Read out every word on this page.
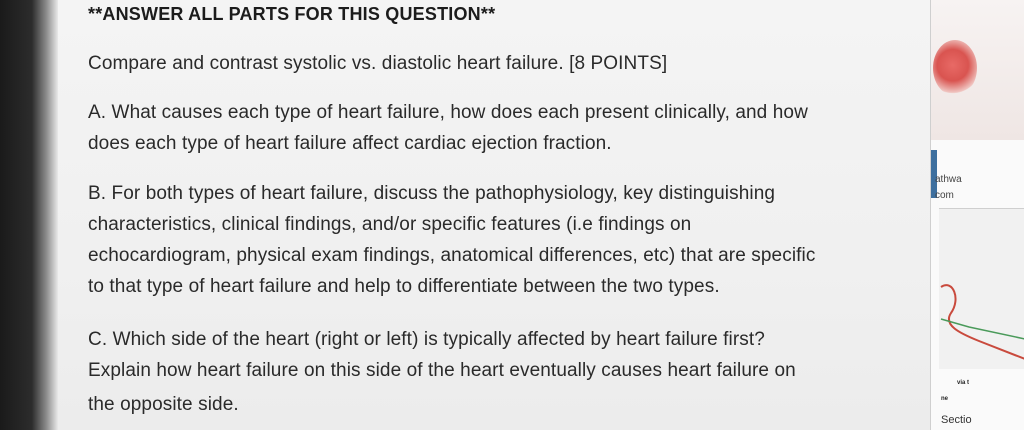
**ANSWER ALL PARTS FOR THIS QUESTION**
Compare and contrast systolic vs. diastolic heart failure. [8 POINTS]
A. What causes each type of heart failure, how does each present clinically, and how
does each type of heart failure affect cardiac ejection fraction.
B. For both types of heart failure, discuss the pathophysiology, key distinguishing
characteristics, clinical findings, and/or specific features (i.e findings on
echocardiogram, physical exam findings, anatomical differences, etc) that are specific
to that type of heart failure and help to differentiate between the two types.
C. Which side of the heart (right or left) is typically affected by heart failure first?
Explain how heart failure on this side of the heart eventually causes heart failure on
the opposite side.
athwa
com
via t
ne
Sectio
